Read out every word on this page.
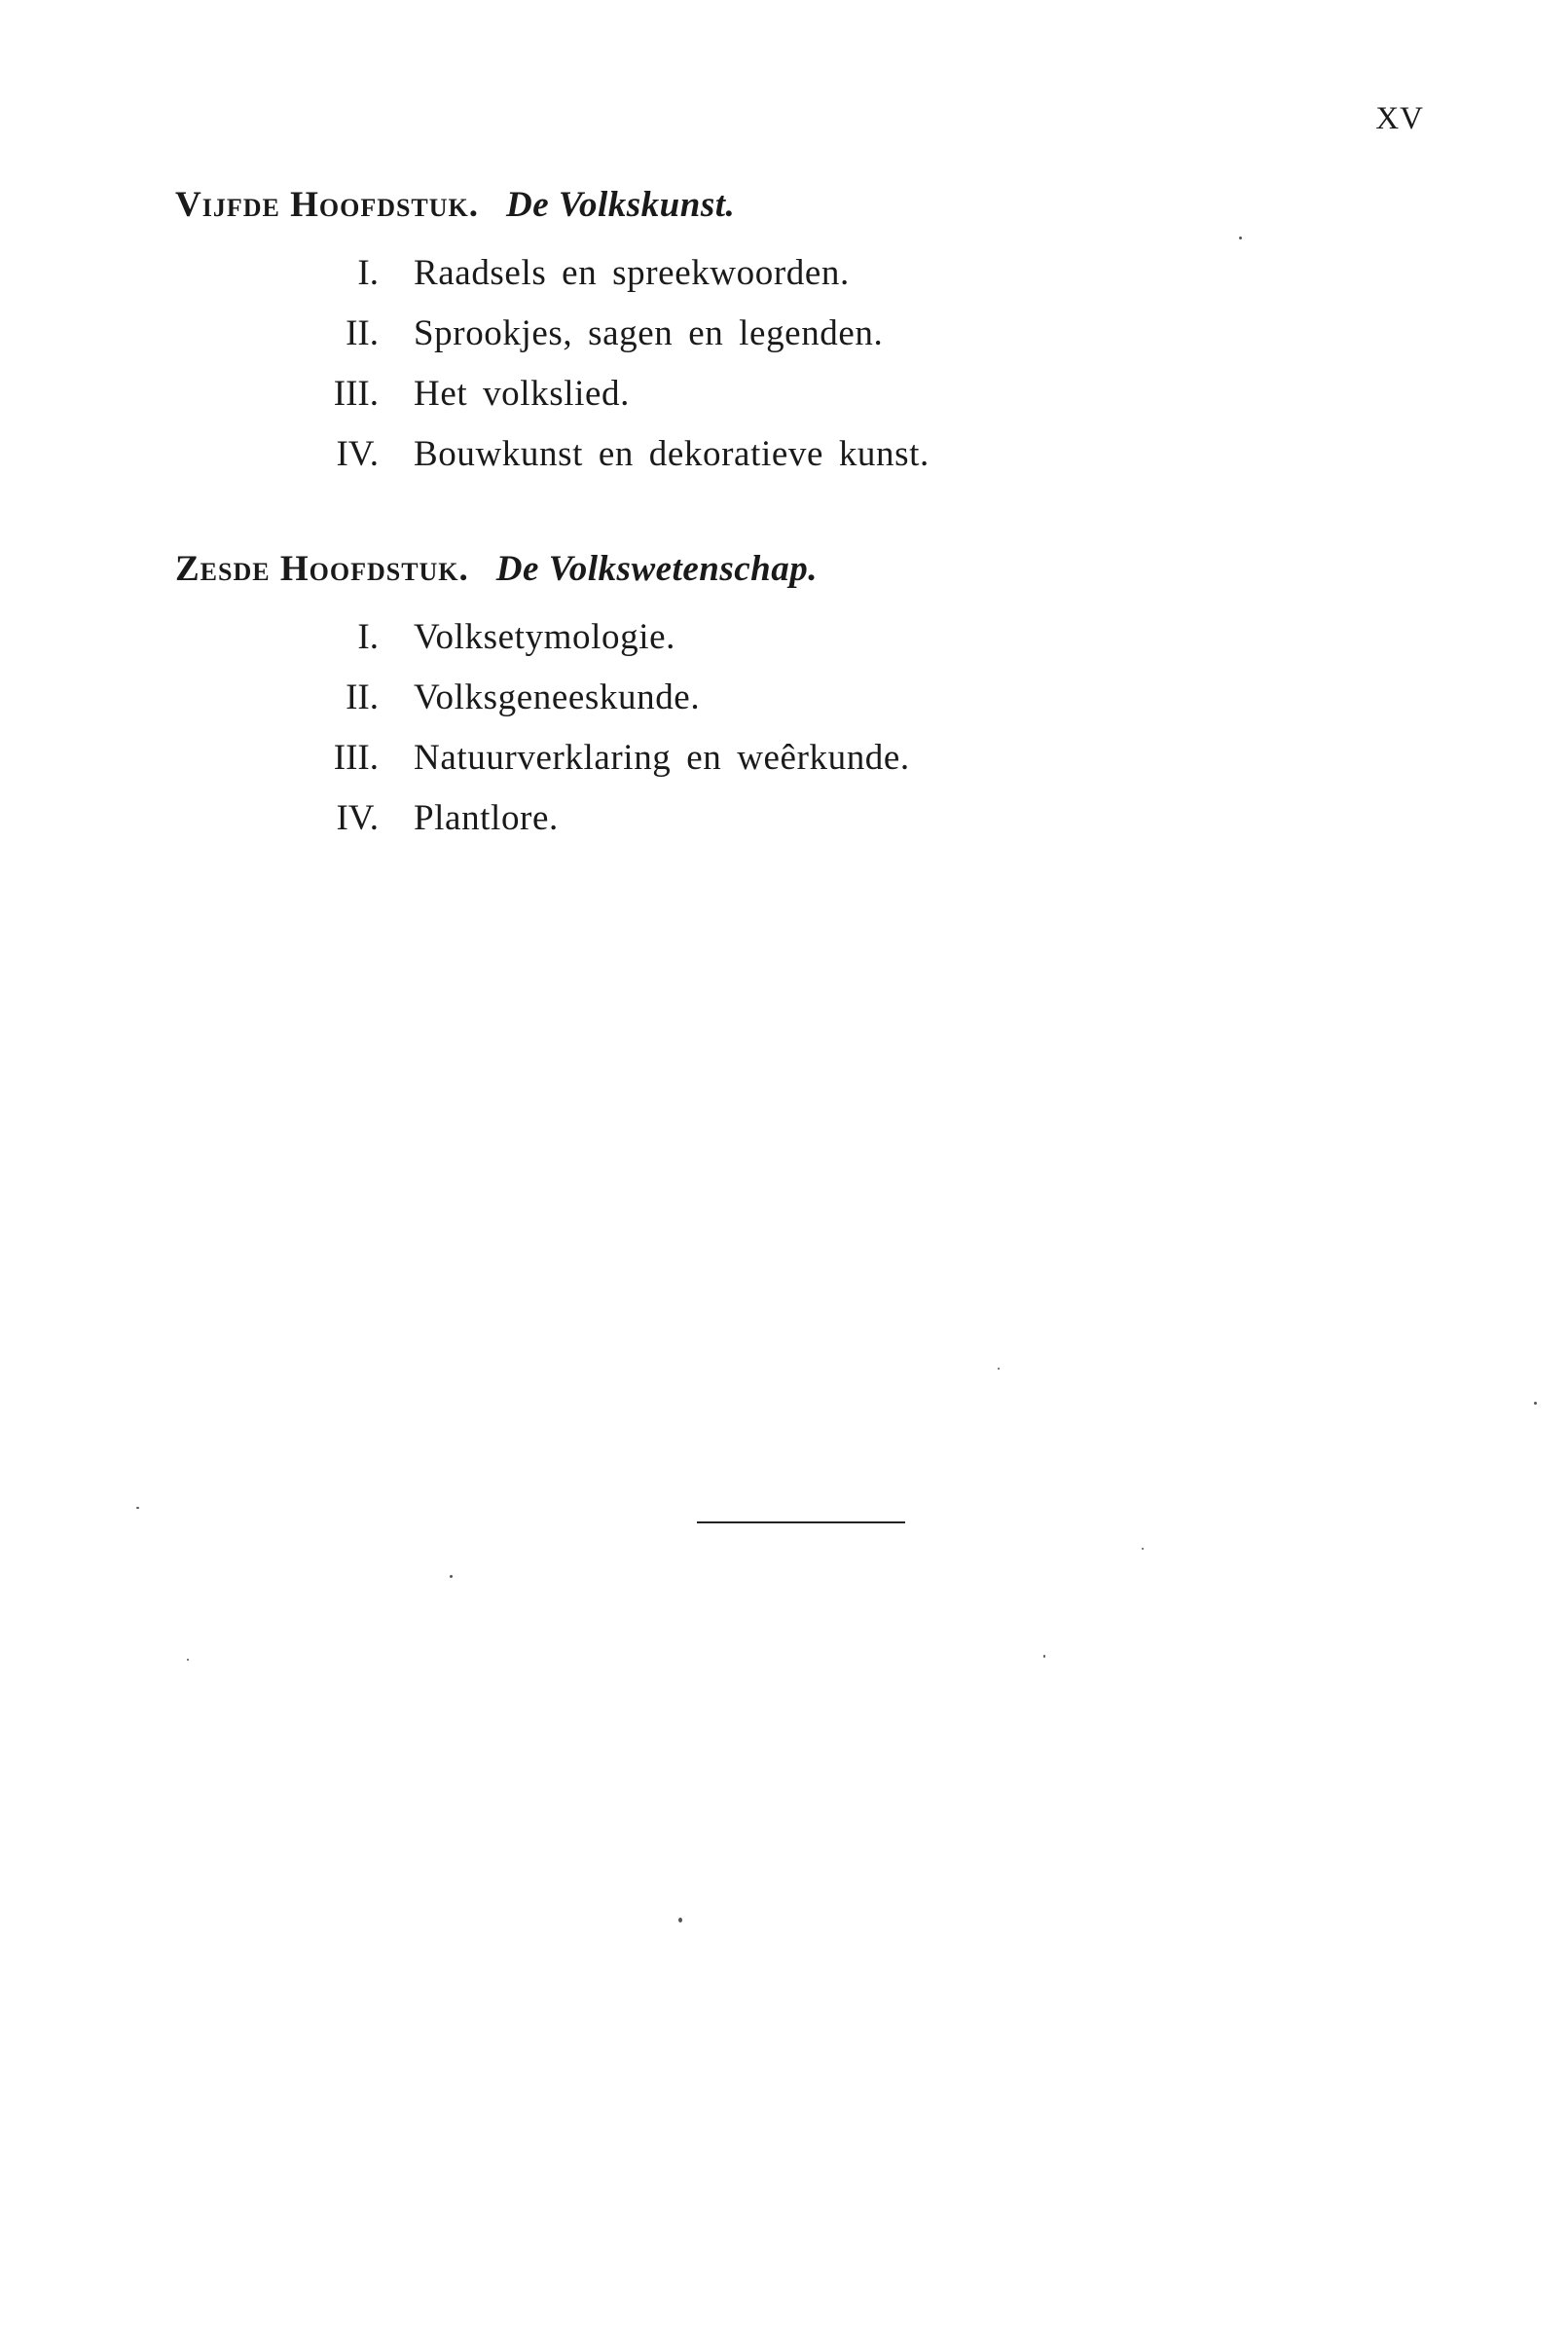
XV
Vijfde Hoofdstuk. De Volkskunst.
I. Raadsels en spreekwoorden.
II. Sprookjes, sagen en legenden.
III. Het volkslied.
IV. Bouwkunst en dekoratieve kunst.
Zesde Hoofdstuk. De Volkswetenschap.
I. Volksetymologie.
II. Volksgeneeskunde.
III. Natuurverklaring en weêrkunde.
IV. Plantlore.
